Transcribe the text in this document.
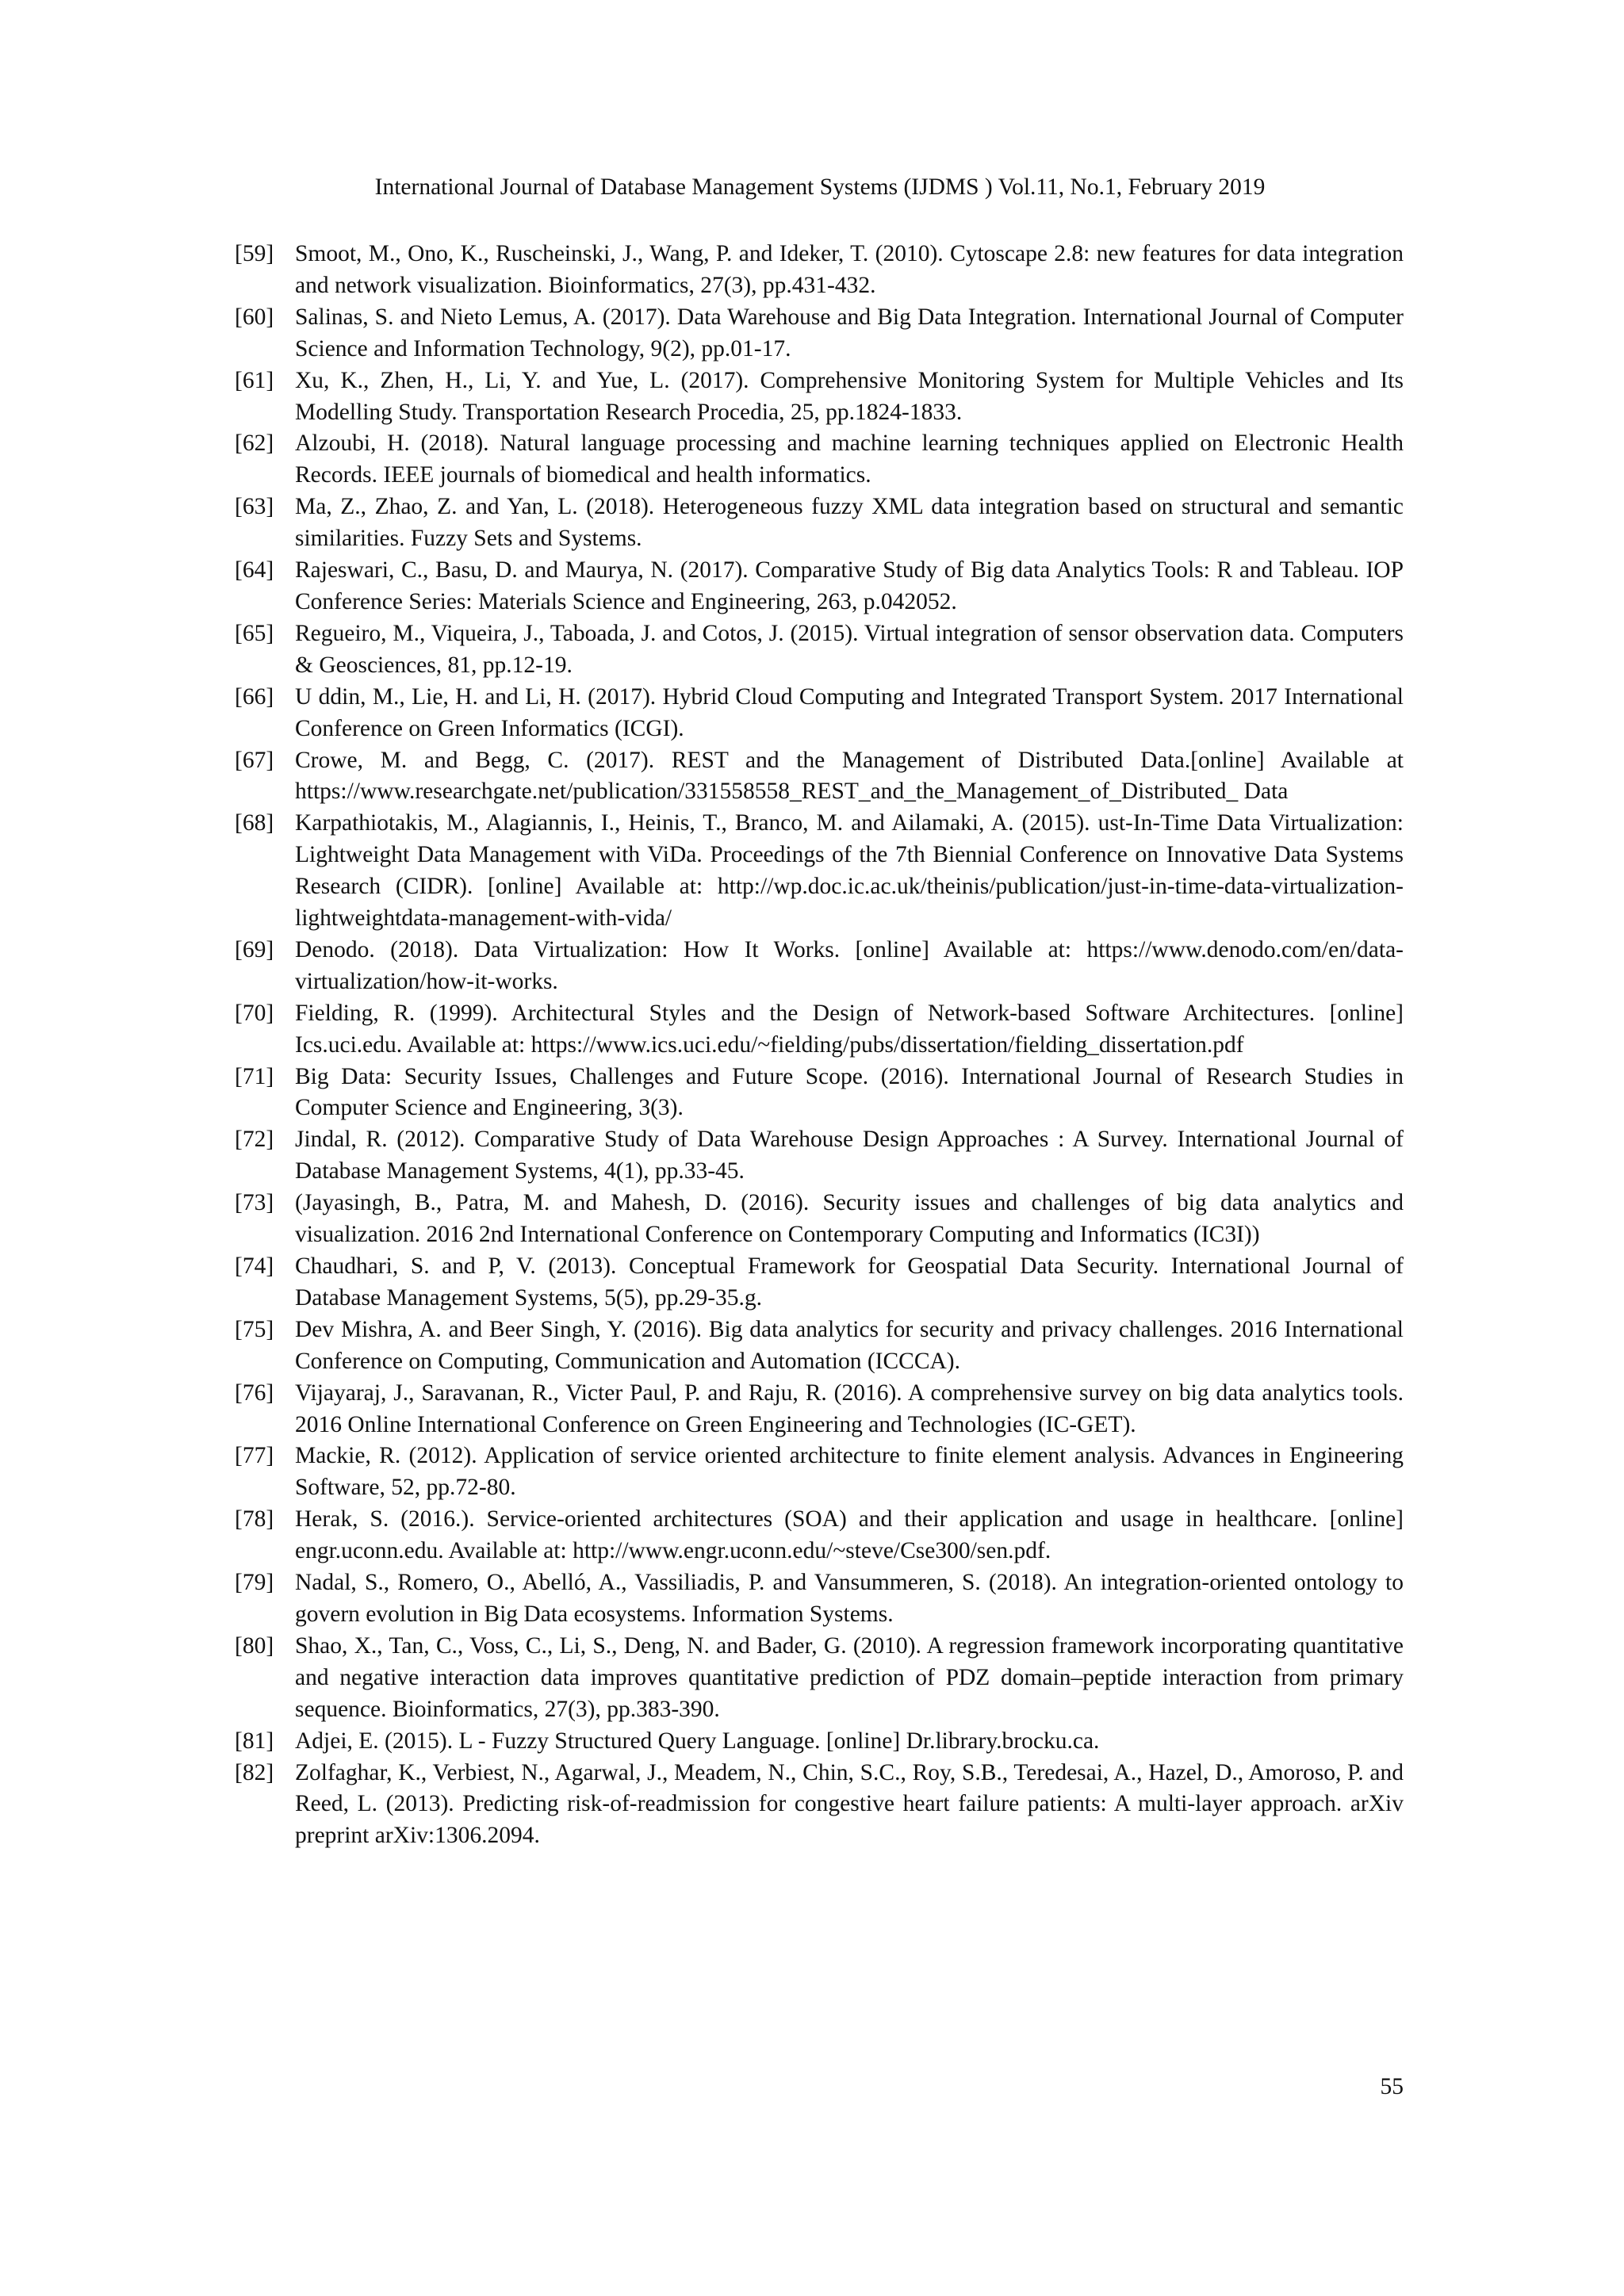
International Journal of Database Management Systems (IJDMS ) Vol.11, No.1, February 2019
[59] Smoot, M., Ono, K., Ruscheinski, J., Wang, P. and Ideker, T. (2010). Cytoscape 2.8: new features for data integration and network visualization. Bioinformatics, 27(3), pp.431-432.
[60] Salinas, S. and Nieto Lemus, A. (2017). Data Warehouse and Big Data Integration. International Journal of Computer Science and Information Technology, 9(2), pp.01-17.
[61] Xu, K., Zhen, H., Li, Y. and Yue, L. (2017). Comprehensive Monitoring System for Multiple Vehicles and Its Modelling Study. Transportation Research Procedia, 25, pp.1824-1833.
[62] Alzoubi, H. (2018). Natural language processing and machine learning techniques applied on Electronic Health Records. IEEE journals of biomedical and health informatics.
[63] Ma, Z., Zhao, Z. and Yan, L. (2018). Heterogeneous fuzzy XML data integration based on structural and semantic similarities. Fuzzy Sets and Systems.
[64] Rajeswari, C., Basu, D. and Maurya, N. (2017). Comparative Study of Big data Analytics Tools: R and Tableau. IOP Conference Series: Materials Science and Engineering, 263, p.042052.
[65] Regueiro, M., Viqueira, J., Taboada, J. and Cotos, J. (2015). Virtual integration of sensor observation data. Computers & Geosciences, 81, pp.12-19.
[66] U ddin, M., Lie, H. and Li, H. (2017). Hybrid Cloud Computing and Integrated Transport System. 2017 International Conference on Green Informatics (ICGI).
[67] Crowe, M. and Begg, C. (2017). REST and the Management of Distributed Data.[online] Available at https://www.researchgate.net/publication/331558558_REST_and_the_Management_of_Distributed_ Data
[68] Karpathiotakis, M., Alagiannis, I., Heinis, T., Branco, M. and Ailamaki, A. (2015). ust-In-Time Data Virtualization: Lightweight Data Management with ViDa. Proceedings of the 7th Biennial Conference on Innovative Data Systems Research (CIDR). [online] Available at: http://wp.doc.ic.ac.uk/theinis/publication/just-in-time-data-virtualization-lightweightdata-management-with-vida/
[69] Denodo. (2018). Data Virtualization: How It Works. [online] Available at: https://www.denodo.com/en/data-virtualization/how-it-works.
[70] Fielding, R. (1999). Architectural Styles and the Design of Network-based Software Architectures. [online] Ics.uci.edu. Available at: https://www.ics.uci.edu/~fielding/pubs/dissertation/fielding_dissertation.pdf
[71] Big Data: Security Issues, Challenges and Future Scope. (2016). International Journal of Research Studies in Computer Science and Engineering, 3(3).
[72] Jindal, R. (2012). Comparative Study of Data Warehouse Design Approaches : A Survey. International Journal of Database Management Systems, 4(1), pp.33-45.
[73] (Jayasingh, B., Patra, M. and Mahesh, D. (2016). Security issues and challenges of big data analytics and visualization. 2016 2nd International Conference on Contemporary Computing and Informatics (IC3I))
[74] Chaudhari, S. and P, V. (2013). Conceptual Framework for Geospatial Data Security. International Journal of Database Management Systems, 5(5), pp.29-35.g.
[75] Dev Mishra, A. and Beer Singh, Y. (2016). Big data analytics for security and privacy challenges. 2016 International Conference on Computing, Communication and Automation (ICCCA).
[76] Vijayaraj, J., Saravanan, R., Victer Paul, P. and Raju, R. (2016). A comprehensive survey on big data analytics tools. 2016 Online International Conference on Green Engineering and Technologies (IC-GET).
[77] Mackie, R. (2012). Application of service oriented architecture to finite element analysis. Advances in Engineering Software, 52, pp.72-80.
[78] Herak, S. (2016.). Service-oriented architectures (SOA) and their application and usage in healthcare. [online] engr.uconn.edu. Available at: http://www.engr.uconn.edu/~steve/Cse300/sen.pdf.
[79] Nadal, S., Romero, O., Abelló, A., Vassiliadis, P. and Vansummeren, S. (2018). An integration-oriented ontology to govern evolution in Big Data ecosystems. Information Systems.
[80] Shao, X., Tan, C., Voss, C., Li, S., Deng, N. and Bader, G. (2010). A regression framework incorporating quantitative and negative interaction data improves quantitative prediction of PDZ domain–peptide interaction from primary sequence. Bioinformatics, 27(3), pp.383-390.
[81] Adjei, E. (2015). L - Fuzzy Structured Query Language. [online] Dr.library.brocku.ca.
[82] Zolfaghar, K., Verbiest, N., Agarwal, J., Meadem, N., Chin, S.C., Roy, S.B., Teredesai, A., Hazel, D., Amoroso, P. and Reed, L. (2013). Predicting risk-of-readmission for congestive heart failure patients: A multi-layer approach. arXiv preprint arXiv:1306.2094.
55
